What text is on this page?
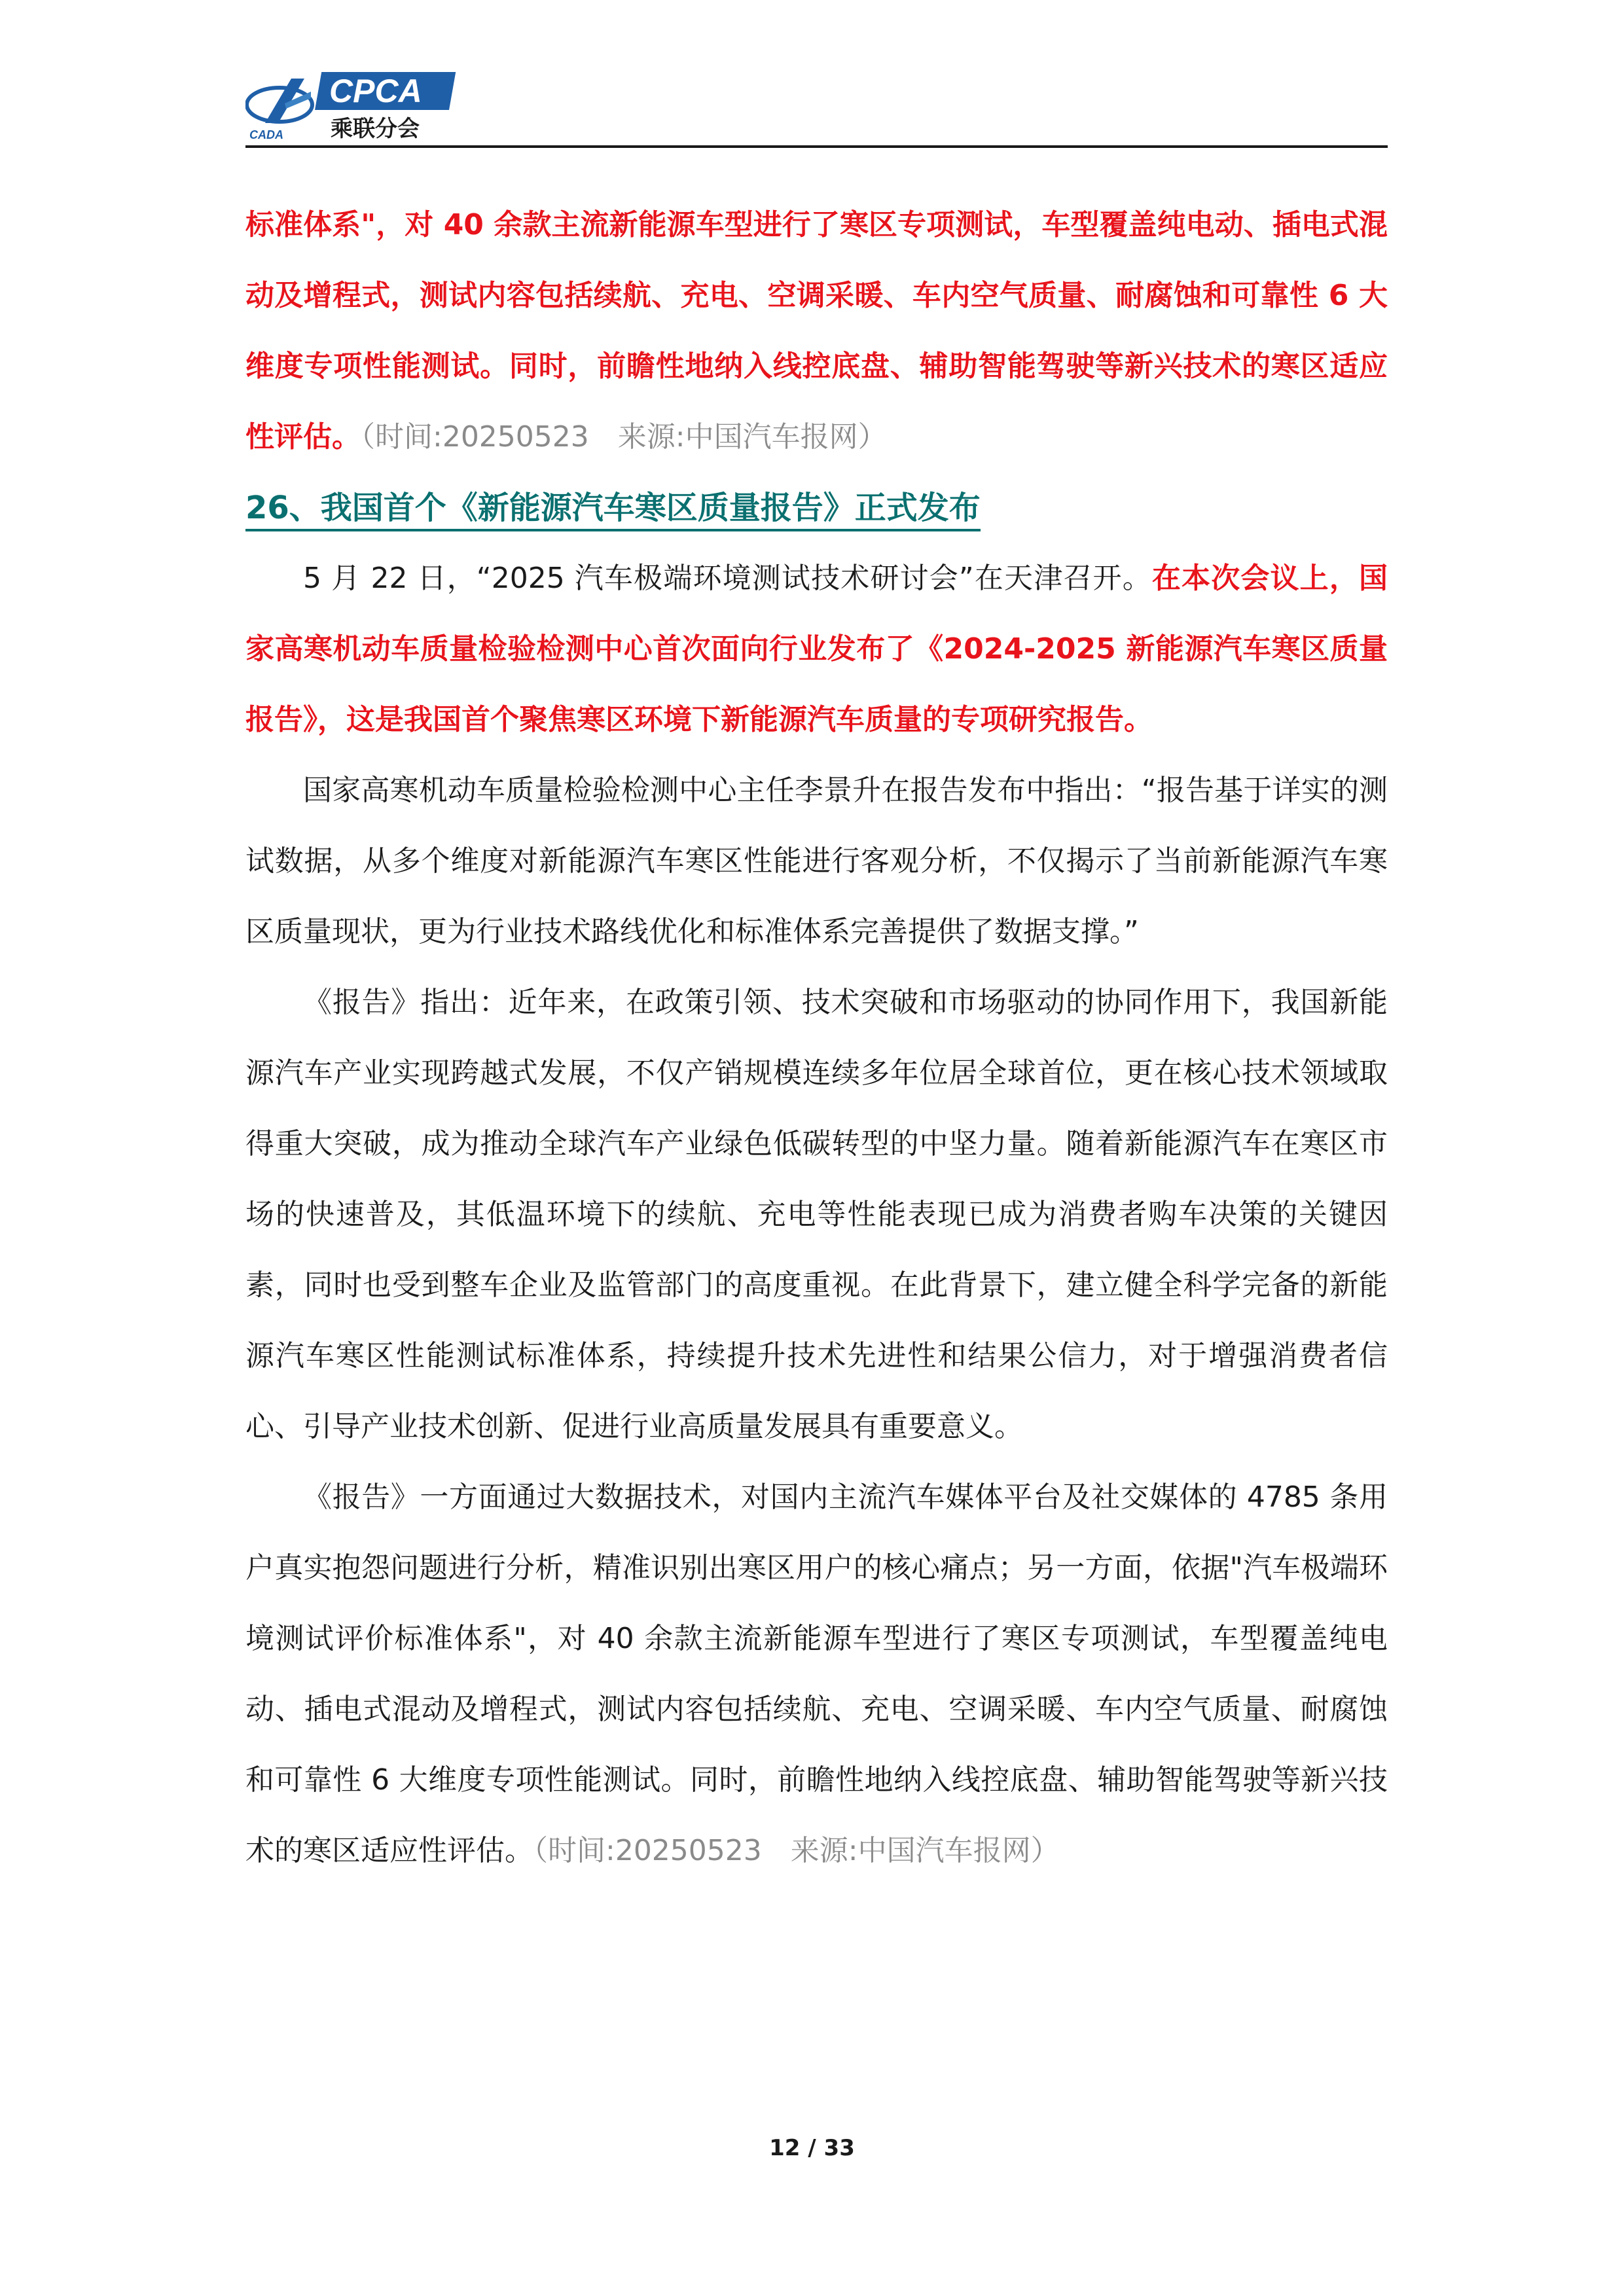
CPCA
乘联分会
CADA

标准体系"，对 40 余款主流新能源车型进行了寒区专项测试，车型覆盖纯电动、插电式混动及增程式，测试内容包括续航、充电、空调采暖、车内空气质量、耐腐蚀和可靠性 6 大维度专项性能测试。同时，前瞻性地纳入线控底盘、辅助智能驾驶等新兴技术的寒区适应性评估。（时间:20250523　来源:中国汽车报网）

26、我国首个《新能源汽车寒区质量报告》正式发布

5 月 22 日，“2025 汽车极端环境测试技术研讨会”在天津召开。在本次会议上，国家高寒机动车质量检验检测中心首次面向行业发布了《2024-2025 新能源汽车寒区质量报告》，这是我国首个聚焦寒区环境下新能源汽车质量的专项研究报告。

国家高寒机动车质量检验检测中心主任李景升在报告发布中指出：“报告基于详实的测试数据，从多个维度对新能源汽车寒区性能进行客观分析，不仅揭示了当前新能源汽车寒区质量现状，更为行业技术路线优化和标准体系完善提供了数据支撑。”

《报告》指出：近年来，在政策引领、技术突破和市场驱动的协同作用下，我国新能源汽车产业实现跨越式发展，不仅产销规模连续多年位居全球首位，更在核心技术领域取得重大突破，成为推动全球汽车产业绿色低碳转型的中坚力量。随着新能源汽车在寒区市场的快速普及，其低温环境下的续航、充电等性能表现已成为消费者购车决策的关键因素，同时也受到整车企业及监管部门的高度重视。在此背景下，建立健全科学完备的新能源汽车寒区性能测试标准体系，持续提升技术先进性和结果公信力，对于增强消费者信心、引导产业技术创新、促进行业高质量发展具有重要意义。

《报告》一方面通过大数据技术，对国内主流汽车媒体平台及社交媒体的 4785 条用户真实抱怨问题进行分析，精准识别出寒区用户的核心痛点；另一方面，依据"汽车极端环境测试评价标准体系"，对 40 余款主流新能源车型进行了寒区专项测试，车型覆盖纯电动、插电式混动及增程式，测试内容包括续航、充电、空调采暖、车内空气质量、耐腐蚀和可靠性 6 大维度专项性能测试。同时，前瞻性地纳入线控底盘、辅助智能驾驶等新兴技术的寒区适应性评估。（时间:20250523　来源:中国汽车报网）

12 / 33
